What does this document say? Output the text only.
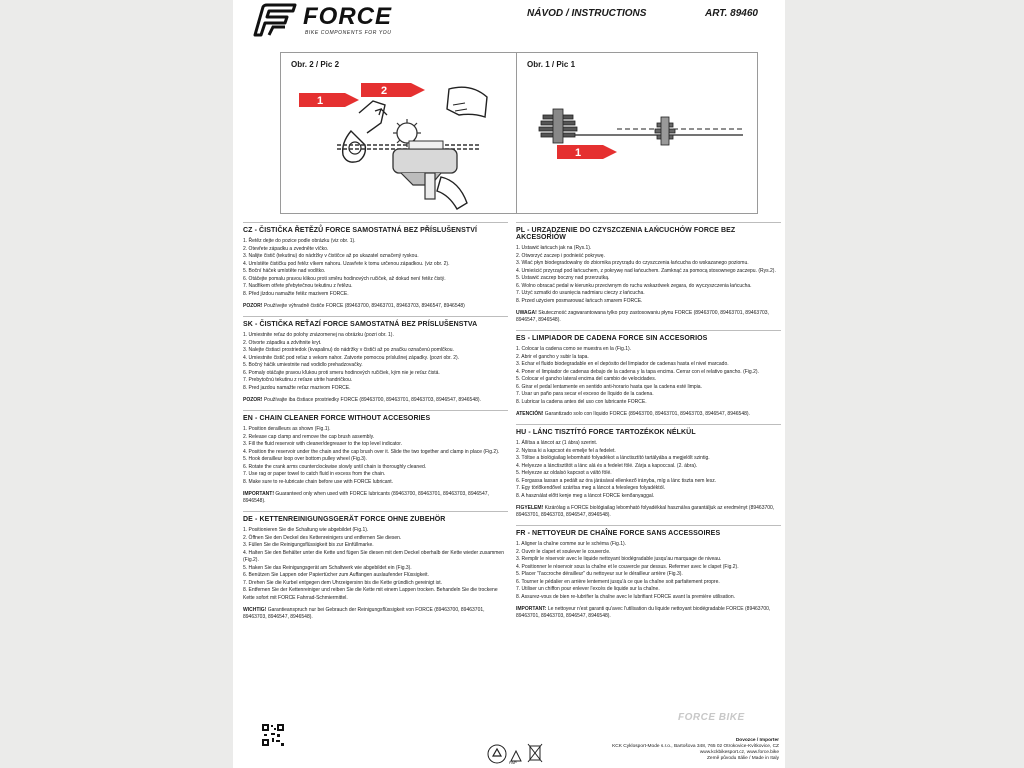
FORCE
BIKE COMPONENTS FOR YOU
NÁVOD / INSTRUCTIONS	ART. 89460
Obr. 2 / Pic 2
1
2
Obr. 1 / Pic 1
1
CZ - ČISTIČKA ŘETĚZŮ FORCE SAMOSTATNÁ BEZ PŘÍSLUŠENSTVÍ
1. Řetěz dejte do pozice podle obrázku (viz obr. 1).
2. Otevřete západku a zvedněte víčko.
3. Nalijte čistič (tekutinu) do nádržky v čističce až po ukazatel označený ryskou.
4. Umístěte čističku pod řetěz víkem nahoru. Uzavřete k tomu určenou západkou. (viz obr. 2).
5. Boční háček umístěte nad vodítko.
6. Otáčejte pomalu pravou klikou proti směru hodinových ručiček, až dokud není řetěz čistý.
7. Nadřikem otřete přebytečnou tekutinu z řetězu.
8. Před jízdou namažte řetěz mazivem FORCE.
POZOR! Používejte výhradně čističe FORCE (89463700, 89463701, 89463703, 8946547, 8946548)
SK - ČISTIČKA REŤAZÍ FORCE SAMOSTATNÁ BEZ PRÍSLUŠENSTVA
1. Umiestnite reťaz do polohy znázornenej na obrázku (pozri obr. 1).
2. Otvorte západku a zdvihnite kryt.
3. Nalejte čistiaci prostriedok (kvapalinu) do nádržky v čističi až po značku označenú pomlčkou.
4. Umiestnite čistič pod reťaz s vekom nahor. Zatvorte pomocou príslušnej západky. (pozri obr. 2).
5. Bočný háčik umiestnite nad vodidlo prehadzovačky.
6. Pomaly otáčajte pravou kľukou proti smeru hodinových ručičiek, kým nie je reťaz čistá.
7. Prebytočnú tekutinu z reťaze utrite handričkou.
8. Pred jazdou namažte reťaz mazivom FORCE.
POZOR! Používajte iba čistiace prostriedky FORCE (89463700, 89463701, 89463703, 8946547, 8946548).
EN - CHAIN CLEANER FORCE WITHOUT ACCESORIES
1. Position derailleurs as shown (Fig.1).
2. Release cap clamp and remove the cap brush assembly.
3. Fill the fluid reservoir with cleaner/degreaser to the top level indicator.
4. Position the reservoir under the chain and the cap brush over it. Slide the two together and clamp in place (Fig.2).
5. Hook derailleur loop over bottom pulley wheel (Fig.3).
6. Rotate the crank arms counterclockwise slowly until chain is thoroughly cleaned.
7. Use rag or paper towel to catch fluid in excess from the chain.
8. Make sure to re-lubricate chain before use with FORCE lubricant.
IMPORTANT! Guaranteed only when used with FORCE lubricants (89463700, 89463701, 89463703, 8946547, 8946548).
DE - KETTENREINIGUNGSGERÄT FORCE OHNE ZUBEHÖR
1. Positionieren Sie die Schaltung wie abgebildet (Fig.1).
2. Öffnen Sie den Deckel des Kettenreinigers und entfernen Sie diesen.
3. Füllen Sie die Reinigungsflüssigkeit bis zur Einfüllmarke.
4. Halten Sie den Behälter unter die Kette und fügen Sie diesen mit dem Deckel oberhalb der Kette wieder zusammen (Fig.2).
5. Haken Sie das Reinigungsgerät am Schaltwerk wie abgebildet ein (Fig.3).
6. Benützen Sie Lappen oder Papiertücher zum Auffangen auslaufender Flüssigkeit.
7. Drehen Sie die Kurbel entgegen dem Uhrzeigersinn bis die Kette gründlich gereinigt ist.
8. Entfernen Sie der Kettenreiniger und reiben Sie die Kette mit einem Lappen trocken. Behandeln Sie die trockene Kette sofort mit FORCE Fahrrad-Schmiermittel.
WICHTIG! Garantieanspruch nur bei Gebrauch der Reinigungsflüssigkeit von FORCE (89463700, 89463701, 89463703, 8946547, 8946548).
PL - URZĄDZENIE DO CZYSZCZENIA ŁAŃCUCHÓW FORCE BEZ AKCESORIÓW
1. Ustawić łańcuch jak na (Rys.1).
2. Otworzyć zaczep i podnieść pokrywę.
3. Wlać płyn biodegradowalny do zbiornika przyrządu do czyszczenia łańcucha do wskazanego poziomu.
4. Umieścić przyrząd pod łańcuchem, z pokrywę nad łańcuchem. Zamknąć za pomocą stosownego zaczepu. (Rys.2).
5. Ustawić zaczep boczny nad przerzutką.
6. Wolno obracać pedał w kierunku przeciwnym do ruchu wskazówek zegara, do wyczyszczenia łańcucha.
7. Użyć szmatki do usunięcia nadmiaru cieczy z łańcucha.
8. Przed użyciem posmarować łańcuch smarem FORCE.
UWAGA! Skuteczność zagwarantowana tylko przy zastosowaniu płynu FORCE (89463700, 89463701, 89463703, 8946547, 8946548).
ES - LIMPIADOR DE CADENA FORCE SIN ACCESORIOS
1. Colocar la cadena como se muestra en la (Fig.1).
2. Abrir el gancho y subir la tapa.
3. Echar el fluido biodegradable en el depósito del limpiador de cadenas hasta el nivel marcado.
4. Poner el limpiador de cadenas debajo de la cadena y la tapa encima. Cerrar con el relativo gancho. (Fig.2).
5. Colocar el gancho lateral encima del cambio de velocidades.
6. Girar el pedal lentamente en sentido anti-horario hasta que la cadena esté limpia.
7. Usar un paño para secar el exceso de líquido de la cadena.
8. Lubricar la cadena antes del uso con lubricante FORCE.
ATENCIÓN! Garantizado solo con líquido FORCE (89463700, 89463701, 89463703, 8946547, 8946548).
HU - LÁNC TISZTÍTÓ FORCE TARTOZÉKOK NÉLKÜL
1. Állítsa a láncot az (1 ábra) szerint.
2. Nyissa ki a kapcsot és emelje fel a fedelet.
3. Töltse a biológiailag lebomható folyadékot a lánctisztító tartályába a megjelölt szintig.
4. Helyezze a lánctisztítót a lánc alá és a fedelet fölé. Zárja a kapoccsal. (2. ábra).
5. Helyezze az oldalsó kapcsot a váltó fölé.
6. Forgassa lassan a pedált az óra járásával ellenkező irányba, míg a lánc tiszta nem lesz.
7. Egy törlőkendővel szárítsa meg a láncot a felesleges folyadéktól.
8. A használat előtt kenje meg a láncot FORCE kenőanyaggal.
FIGYELEM! Kizárólag a FORCE biológiailag lebomható folyadékkal használva garantáljuk az eredményt (89463700, 89463701, 89463703, 8946547, 8946548).
FR - NETTOYEUR DE CHAÎNE FORCE SANS ACCESSOIRES
1. Aligner la chaîne comme sur le schéma (Fig.1).
2. Ouvrir le clapet et soulever le couvercle.
3. Remplir le réservoir avec le liquide nettoyant biodégradable jusqu'au marquage de niveau.
4. Positionner le réservoir sous la chaîne et le couvercle par dessus. Refermer avec le clapet (Fig.2).
5. Placer "l'accroche dérailleur" du nettoyeur sur le dérailleur arrière (Fig.3).
6. Tourner le pédalier en arrière lentement jusqu'à ce que la chaîne soit parfaitement propre.
7. Utiliser un chiffon pour enlever l'excès de liquide sur la chaîne.
8. Assurez-vous de bien re-lubrifier la chaîne avec le lubrifiant FORCE avant la première utilisation.
IMPORTANT: Le nettoyeur n'est garanti qu'avec l'utilisation du liquide nettoyant biodégradable FORCE (89463700, 89463701, 89463703, 8946547, 8946548).
FORCE BIKE
PAP
Dovozce / Importer
KCK Cyklosport-Mode s.r.o., Bartošova 348, 765 02 Otrokovice-Kvítkovice, CZ
www.kckbikesport.cz, www.force.bike
Země původu Itálie / Made in Italy
